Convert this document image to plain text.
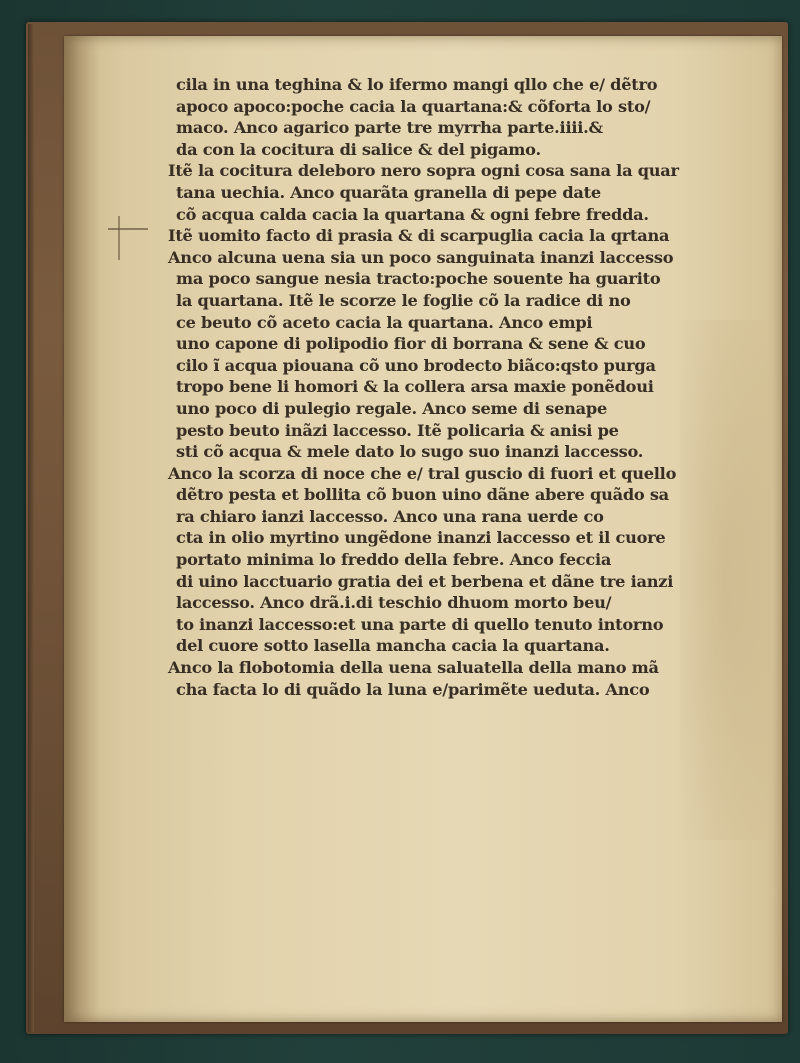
cila in una teghina & lo ifermo mangi qllo che e/ dẽtro
apoco apoco:poche cacia la quartana:& cõforta lo sto/
maco. Anco agarico parte tre myrrha parte.iiii.&
da con la cocitura di salice & del pigamo.
Itẽ la cocitura deleboro nero sopra ogni cosa sana la quar
tana uechia. Anco quarãta granella di pepe date
cõ acqua calda cacia la quartana & ogni febre fredda.
Itẽ uomito facto di prasia & di scarpuglia cacia la qrtana
Anco alcuna uena sia un poco sanguinata inanzi laccesso
ma poco sangue nesia tracto:poche souente ha guarito
la quartana. Itẽ le scorze le foglie cõ la radice di no
ce beuto cõ aceto cacia la quartana. Anco empi
uno capone di polipodio fior di borrana & sene & cuo
cilo ĩ acqua piouana cõ uno brodecto biãco:qsto purga
tropo bene li homori & la collera arsa maxie ponẽdoui
uno poco di pulegio regale. Anco seme di senape
pesto beuto inãzi laccesso. Itẽ policaria & anisi pe
sti cõ acqua & mele dato lo sugo suo inanzi laccesso.
Anco la scorza di noce che e/ tral guscio di fuori et quello
dẽtro pesta et bollita cõ buon uino dãne abere quãdo sa
ra chiaro ianzi laccesso. Anco una rana uerde co
cta in olio myrtino ungẽdone inanzi laccesso et il cuore
portato minima lo freddo della febre. Anco feccia
di uino lacctuario gratia dei et berbena et dãne tre ianzi
laccesso. Anco drã.i.di teschio dhuom morto beu/
to inanzi laccesso:et una parte di quello tenuto intorno
del cuore sotto lasella mancha cacia la quartana.
Anco la flobotomia della uena saluatella della mano mã
cha facta lo di quãdo la luna e/parimẽte ueduta. Anco
